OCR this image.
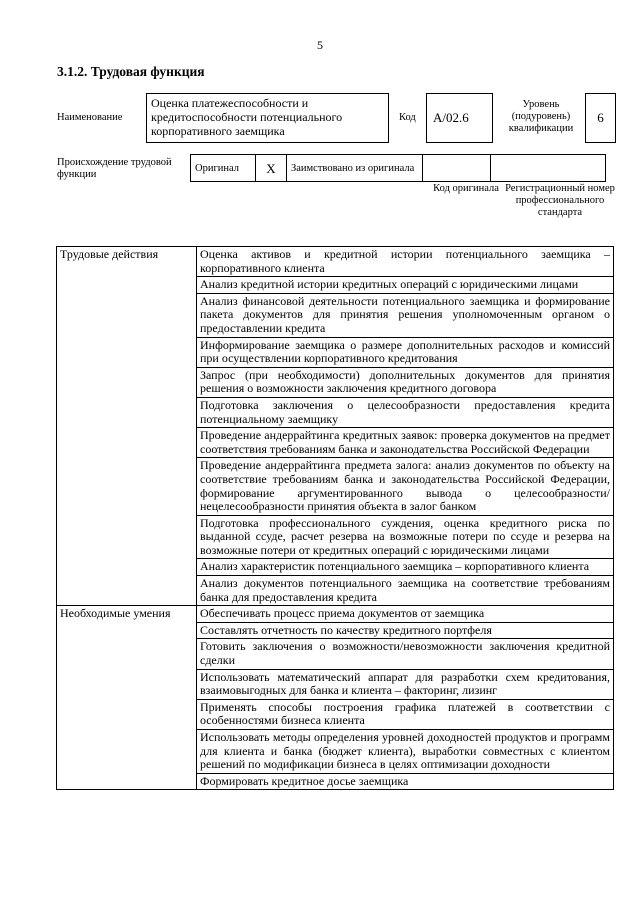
5
3.1.2. Трудовая функция
Наименование
Оценка платежеспособности и кредитоспособности потенциального корпоративного заемщика
Код	А/02.6
Уровень (подуровень) квалификации
6
Происхождение трудовой функции
Оригинал	X	Заимствовано из оригинала		
Код оригинала Регистрационный номер профессионального стандарта
Трудовые действия	Оценка активов и кредитной истории потенциального заемщика – корпоративного клиента
	Анализ кредитной истории кредитных операций с юридическими лицами
	Анализ финансовой деятельности потенциального заемщика и формирование пакета документов для принятия решения уполномоченным органом о предоставлении кредита
	Информирование заемщика о размере дополнительных расходов и комиссий при осуществлении корпоративного кредитования
	Запрос (при необходимости) дополнительных документов для принятия решения о возможности заключения кредитного договора
	Подготовка заключения о целесообразности предоставления кредита потенциальному заемщику
	Проведение андеррайтинга кредитных заявок: проверка документов на предмет соответствия требованиям банка и законодательства Российской Федерации
	Проведение андеррайтинга предмета залога: анализ документов по объекту на соответствие требованиям банка и законодательства Российской Федерации, формирование аргументированного вывода о целесообразности/ нецелесообразности принятия объекта в залог банком
	Подготовка профессионального суждения, оценка кредитного риска по выданной ссуде, расчет резерва на возможные потери по ссуде и резерва на возможные потери от кредитных операций с юридическими лицами
	Анализ характеристик потенциального заемщика – корпоративного клиента
	Анализ документов потенциального заемщика на соответствие требованиям банка для предоставления кредита
Необходимые умения	Обеспечивать процесс приема документов от заемщика
	Составлять отчетность по качеству кредитного портфеля
	Готовить заключения о возможности/невозможности заключения кредитной сделки
	Использовать математический аппарат для разработки схем кредитования, взаимовыгодных для банка и клиента – факторинг, лизинг
	Применять способы построения графика платежей в соответствии с особенностями бизнеса клиента
	Использовать методы определения уровней доходностей продуктов и программ для клиента и банка (бюджет клиента), выработки совместных с клиентом решений по модификации бизнеса в целях оптимизации доходности
	Формировать кредитное досье заемщика
